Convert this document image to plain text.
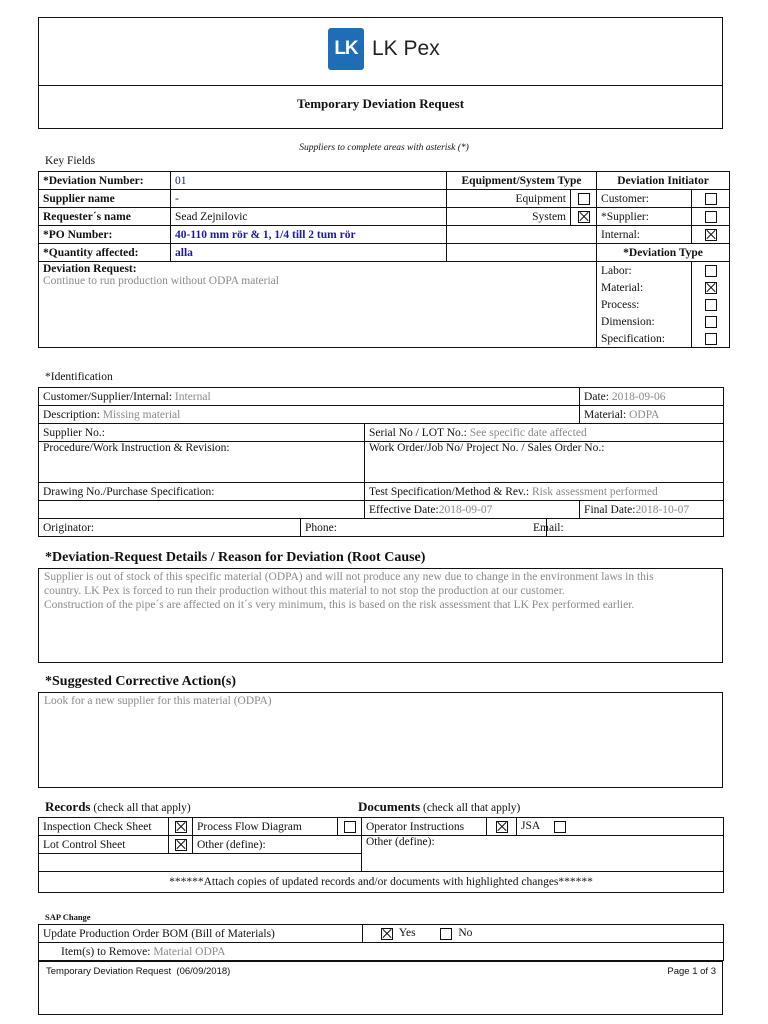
LK LK Pex
Temporary Deviation Request
Suppliers to complete areas with asterisk (*)
Key Fields
*Deviation Number:	01	Equipment/System Type		Deviation Initiator	
Supplier name	-	Equipment		Customer:	
Requester´s name	Sead Zejnilovic	System		*Supplier:	
*PO Number:	40-110 mm rör & 1, 1/4 till 2 tum rör			Internal:	
*Quantity affected:	alla			*Deviation Type	

Deviation Request:
Continue to run production without ODPA material				Labor:	
				Material:	
				Process:	
				Dimension:	
				Specification:	
*Identification
Customer/Supplier/Internal: Internal				Date: 2018-09-06
Description: Missing material				Material: ODPA
Supplier No.:		Serial No / LOT No.: See specific date affected		
Procedure/Work Instruction & Revision:		Work Order/Job No/ Project No. / Sales Order No.:		
Drawing No./Purchase Specification:		Test Specification/Method & Rev.: Risk assessment performed		
		Effective Date:2018-09-07		Final Date:2018-10-07
Originator:	Phone:		Email:	
*Deviation-Request Details / Reason for Deviation (Root Cause)
Supplier is out of stock of this specific material (ODPA) and will not produce any new due to change in the environment laws in this
country. LK Pex is forced to run their production without this material to not stop the production at our customer.
Construction of the pipe´s are affected on it´s very minimum, this is based on the risk assessment that LK Pex performed earlier.
*Suggested Corrective Action(s)
Look for a new supplier for this material (ODPA)
Records (check all that apply)	Documents (check all that apply)
Inspection Check Sheet		Process Flow Diagram		Operator Instructions		JSA
Lot Control Sheet		Other (define):		Other (define):		

******Attach copies of updated records and/or documents with highlighted changes******						
SAP Change
Update Production Order BOM (Bill of Materials)	Yes	No
Item(s) to Remove: Material ODPA
Temporary Deviation Request  (06/09/2018)	Page 1 of 3
